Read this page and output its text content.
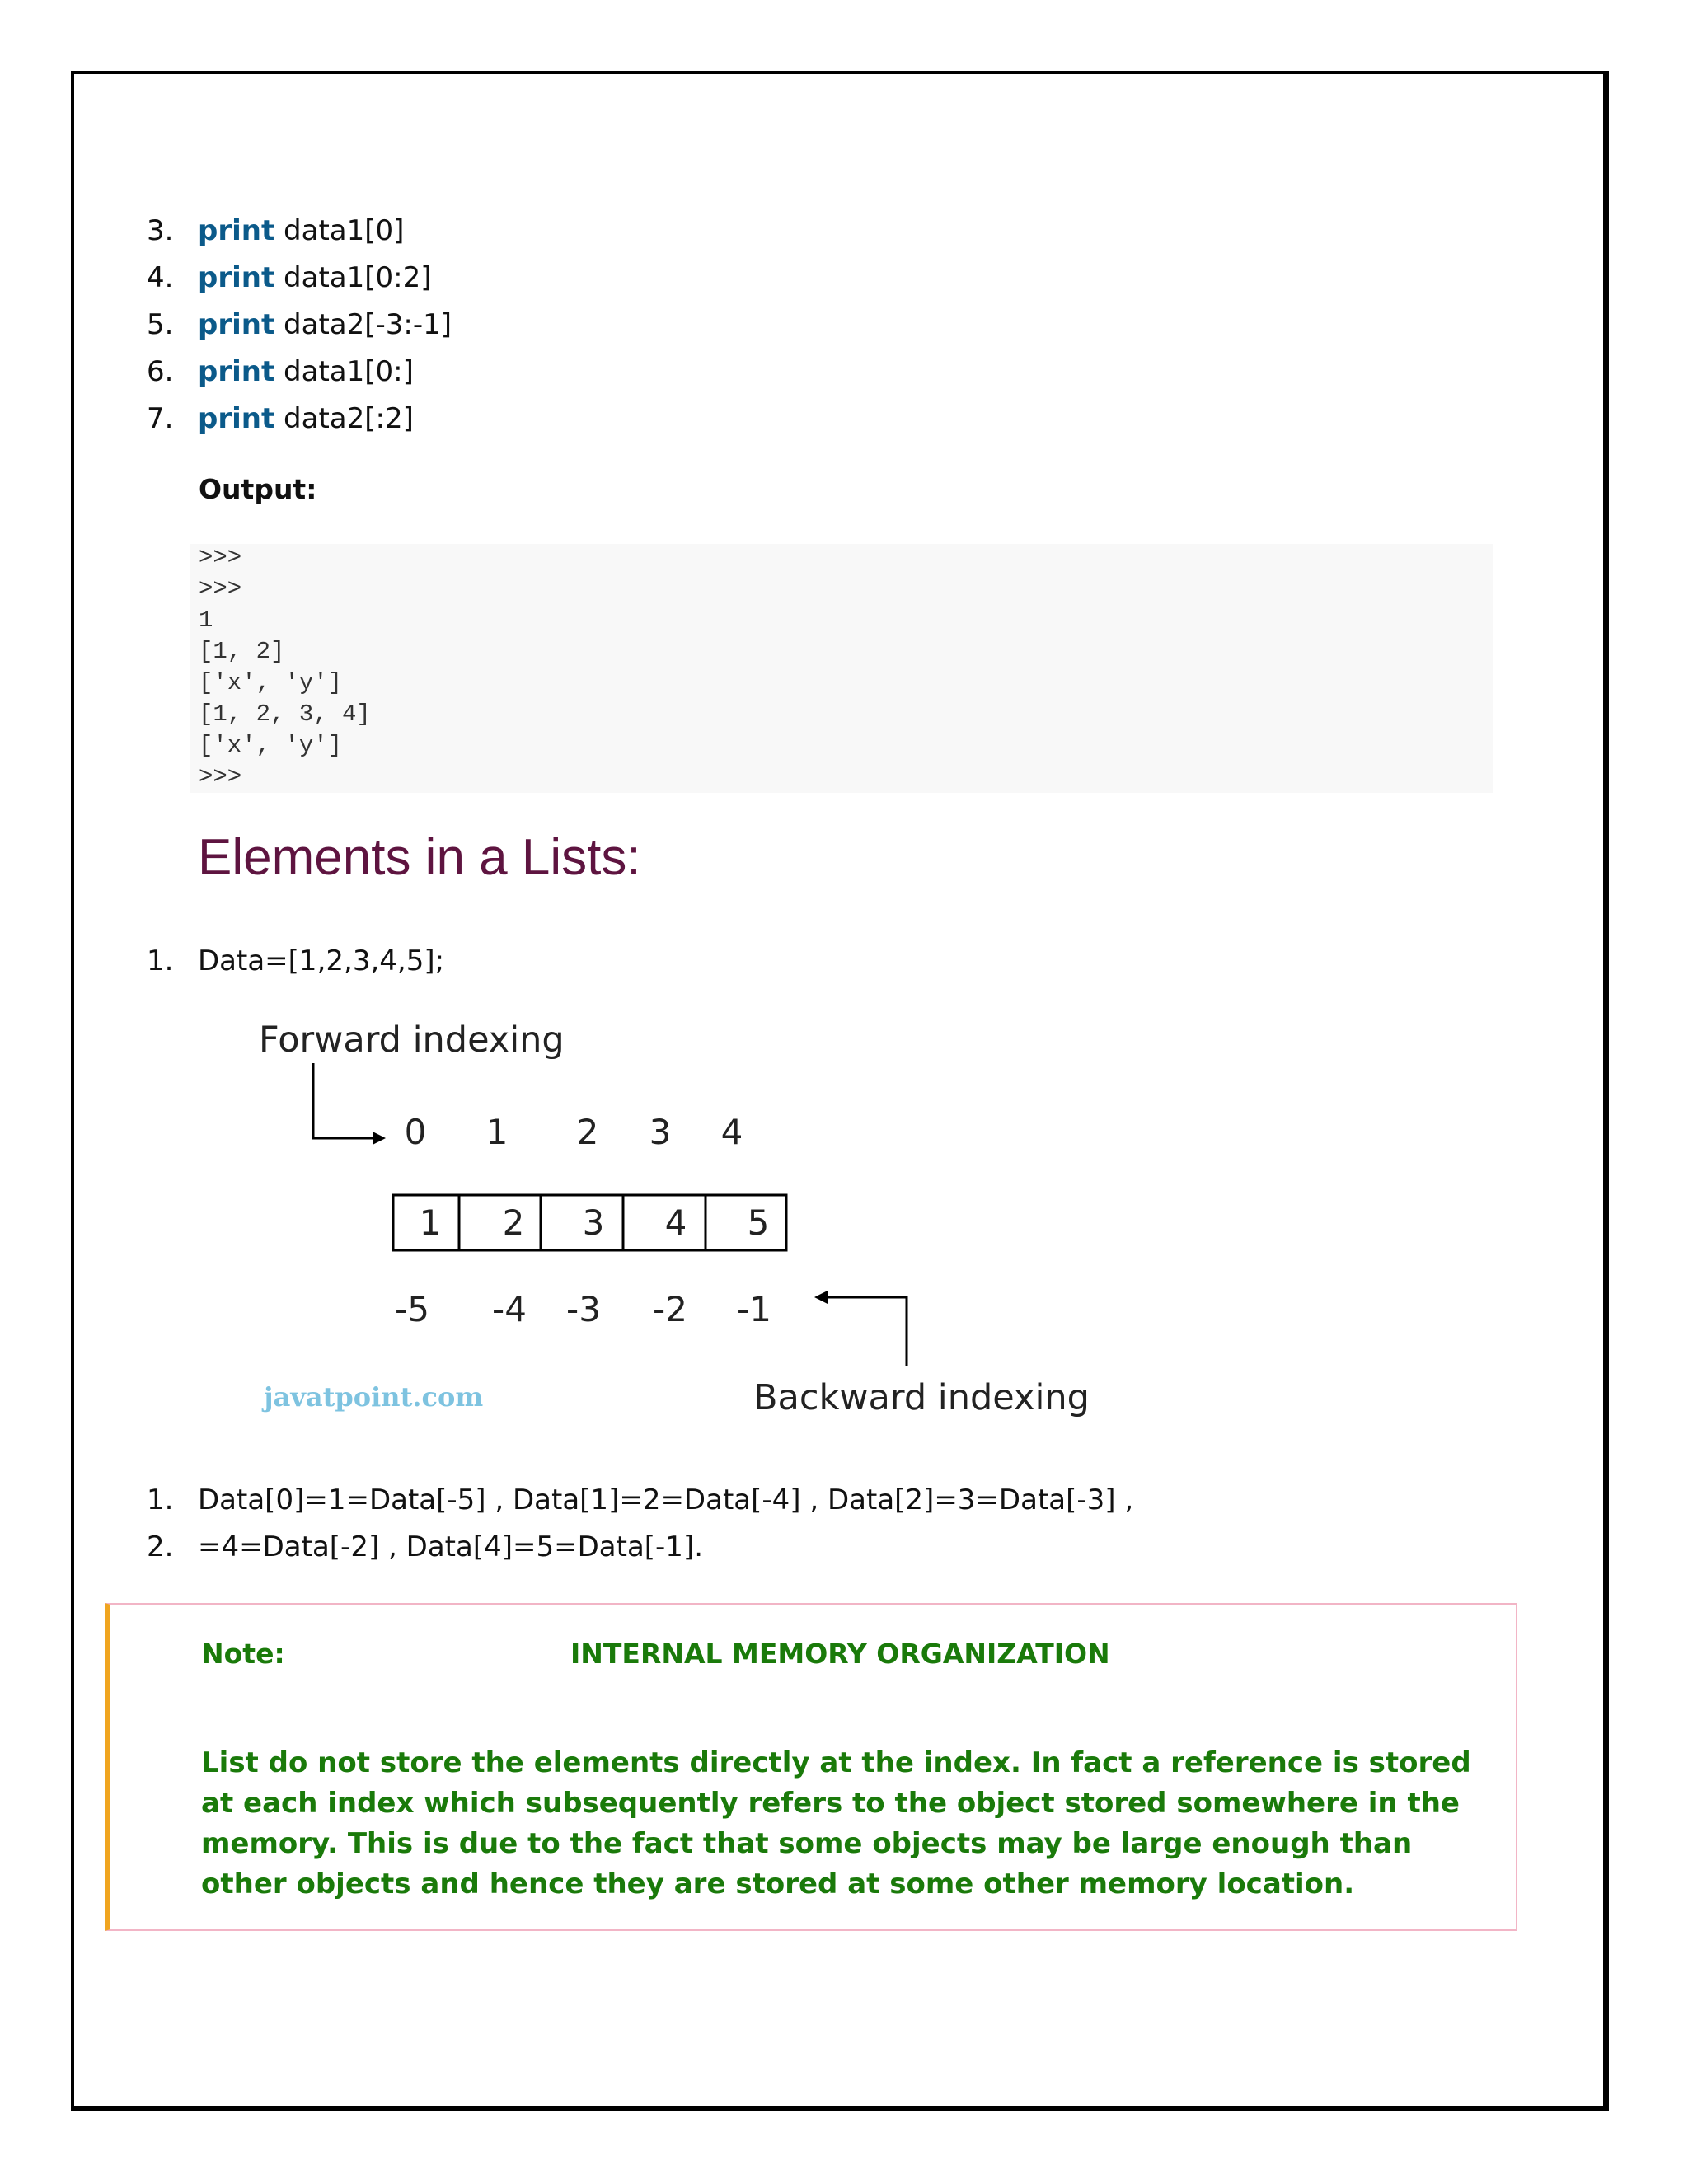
3. print data1[0]
4. print data1[0:2]
5. print data2[-3:-1]
6. print data1[0:]
7. print data2[:2]
Output:
>>>
>>>
1
[1, 2]
['x', 'y']
[1, 2, 3, 4]
['x', 'y']
>>>
Elements in a Lists:
1. Data=[1,2,3,4,5];
Forward indexing
0 1 2 3 4
1 2 3 4 5
-5 -4 -3 -2 -1
Backward indexing
javatpoint.com
1. Data[0]=1=Data[-5] , Data[1]=2=Data[-4] , Data[2]=3=Data[-3] ,
2. =4=Data[-2] , Data[4]=5=Data[-1].
Note:	INTERNAL MEMORY ORGANIZATION
List do not store the elements directly at the index. In fact a reference is stored at each index which subsequently refers to the object stored somewhere in the memory. This is due to the fact that some objects may be large enough than other objects and hence they are stored at some other memory location.
